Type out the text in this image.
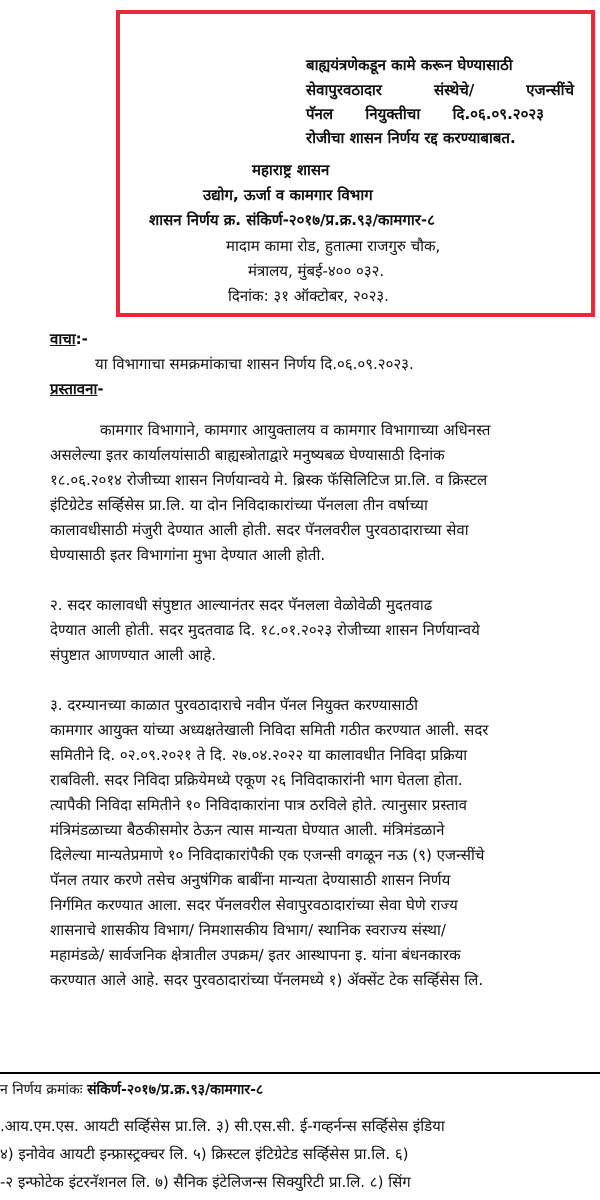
बाह्ययंत्रणेकडून कामे करून घेण्यासाठी
सेवापुरवठादार	संस्थेचे/	एजन्सींचे
पॅनल नियुक्तीचा दि.०६.०९.२०२३
रोजीचा शासन निर्णय रद्द करण्याबाबत.
महाराष्ट्र शासन
उद्योग, ऊर्जा व कामगार विभाग
शासन निर्णय क्र. संकिर्ण-२०१७/प्र.क्र.९३/कामगार-८
मादाम कामा रोड, हुतात्मा राजगुरु चौक,
मंत्रालय, मुंबई-४०० ०३२.
दिनांक: ३१ ऑक्टोबर, २०२३.
वाचा:-
या विभागाचा समक्रमांकाचा शासन निर्णय दि.०६.०९.२०२३.
प्रस्तावना-
कामगार विभागाने, कामगार आयुक्तालय व कामगार विभागाच्या अधिनस्त
असलेल्या इतर कार्यालयांसाठी बाह्यस्त्रोताद्वारे मनुष्यबळ घेण्यासाठी दिनांक
१८.०६.२०१४ रोजीच्या शासन निर्णयान्वये मे. ब्रिस्क फॅसिलिटिज प्रा.लि. व क्रिस्टल
इंटिग्रेटेड सर्व्हिसेस प्रा.लि. या दोन निविदाकारांच्या पॅनलला तीन वर्षाच्या
कालावधीसाठी मंजुरी देण्यात आली होती. सदर पॅनलवरील पुरवठादाराच्या सेवा
घेण्यासाठी इतर विभागांना मुभा देण्यात आली होती.
२. सदर कालावधी संपुष्टात आल्यानंतर सदर पॅनलला वेळोवेळी मुदतवाढ
देण्यात आली होती. सदर मुदतवाढ दि. १८.०१.२०२३ रोजीच्या शासन निर्णयान्वये
संपुष्टात आणण्यात आली आहे.
३. दरम्यानच्या काळात पुरवठादाराचे नवीन पॅनल नियुक्त करण्यासाठी
कामगार आयुक्त यांच्या अध्यक्षतेखाली निविदा समिती गठीत करण्यात आली. सदर
समितीने दि. ०२.०९.२०२१ ते दि. २७.०४.२०२२ या कालावधीत निविदा प्रक्रिया
राबविली. सदर निविदा प्रक्रियेमध्ये एकूण २६ निविदाकारांनी भाग घेतला होता.
त्यापैकी निविदा समितीने १० निविदाकारांना पात्र ठरविले होते. त्यानुसार प्रस्ताव
मंत्रिमंडळाच्या बैठकीसमोर ठेऊन त्यास मान्यता घेण्यात आली. मंत्रिमंडळाने
दिलेल्या मान्यतेप्रमाणे १० निविदाकारांपैकी एक एजन्सी वगळून नऊ (९) एजन्सींचे
पॅनल तयार करणे तसेच अनुषंगिक बाबींना मान्यता देण्यासाठी शासन निर्णय
निर्गमित करण्यात आला. सदर पॅनलवरील सेवापुरवठादारांच्या सेवा घेणे राज्य
शासनाचे शासकीय विभाग/ निमशासकीय विभाग/ स्थानिक स्वराज्य संस्था/
महामंडळे/ सार्वजनिक क्षेत्रातील उपक्रम/ इतर आस्थापना इ. यांना बंधनकारक
करण्यात आले आहे. सदर पुरवठादारांच्या पॅनलमध्ये १) ॲक्सेंट टेक सर्व्हिसेस लि.
न निर्णय क्रमांकः संकिर्ण-२०१७/प्र.क्र.९३/कामगार-८
.आय.एम.एस. आयटी सर्व्हिसेस प्रा.लि. ३) सी.एस.सी. ई-गव्हर्नन्स सर्व्हिसेस इंडिया
४) इनोवेव आयटी इन्फ्रास्ट्रक्चर लि. ५) क्रिस्टल इंटिग्रेटेड सर्व्हिसेस प्रा.लि. ६)
-२ इन्फोटेक इंटरनॅशनल लि. ७) सैनिक इंटेलिजन्स सिक्युरिटी प्रा.लि. ८) सिंग
